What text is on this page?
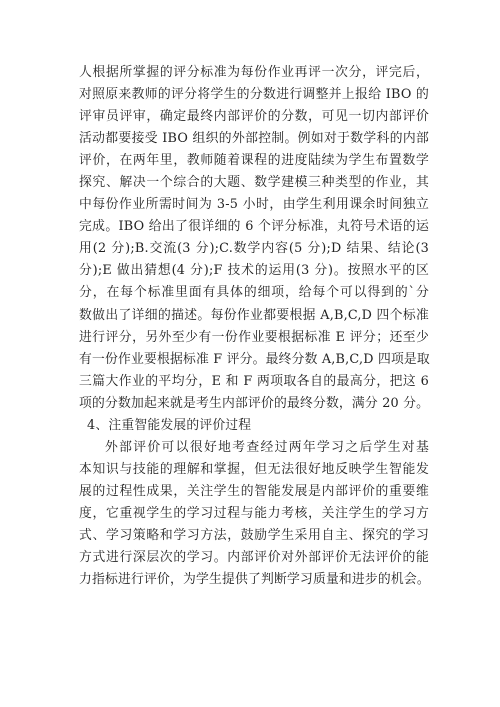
人根据所掌握的评分标准为每份作业再评一次分，评完后，
对照原来教师的评分将学生的分数进行调整并上报给 IBO 的
评审员评审，确定最终内部评价的分数，可见一切内部评价
活动都要接受 IBO 组织的外部控制。例如对于数学科的内部
评价，在两年里，教师随着课程的进度陆续为学生布置数学
探究、解决一个综合的大题、数学建模三种类型的作业，其
中每份作业所需时间为 3-5 小时，由学生利用课余时间独立
完成。IBO 给出了很详细的 6 个评分标准，丸符号术语的运
用(2 分);B.交流(3 分);C.数学内容(5 分);D 结果、结论(3
分);E 做出猜想(4 分);F 技术的运用(3 分)。按照水平的区
分，在每个标准里面有具体的细项，给每个可以得到的`分
数做出了详细的描述。每份作业都要根据 A,B,C,D 四个标准
进行评分，另外至少有一份作业要根据标准 E 评分；还至少
有一份作业要根据标准 F 评分。最终分数 A,B,C,D 四项是取
三篇大作业的平均分，E 和 F 两项取各自的最高分，把这 6
项的分数加起来就是考生内部评价的最终分数，满分 20 分。
4、注重智能发展的评价过程
外部评价可以很好地考查经过两年学习之后学生对基
本知识与技能的理解和掌握，但无法很好地反映学生智能发
展的过程性成果，关注学生的智能发展是内部评价的重要维
度，它重视学生的学习过程与能力考核，关注学生的学习方
式、学习策略和学习方法，鼓励学生采用自主、探究的学习
方式进行深层次的学习。内部评价对外部评价无法评价的能
力指标进行评价，为学生提供了判断学习质量和进步的机会。
